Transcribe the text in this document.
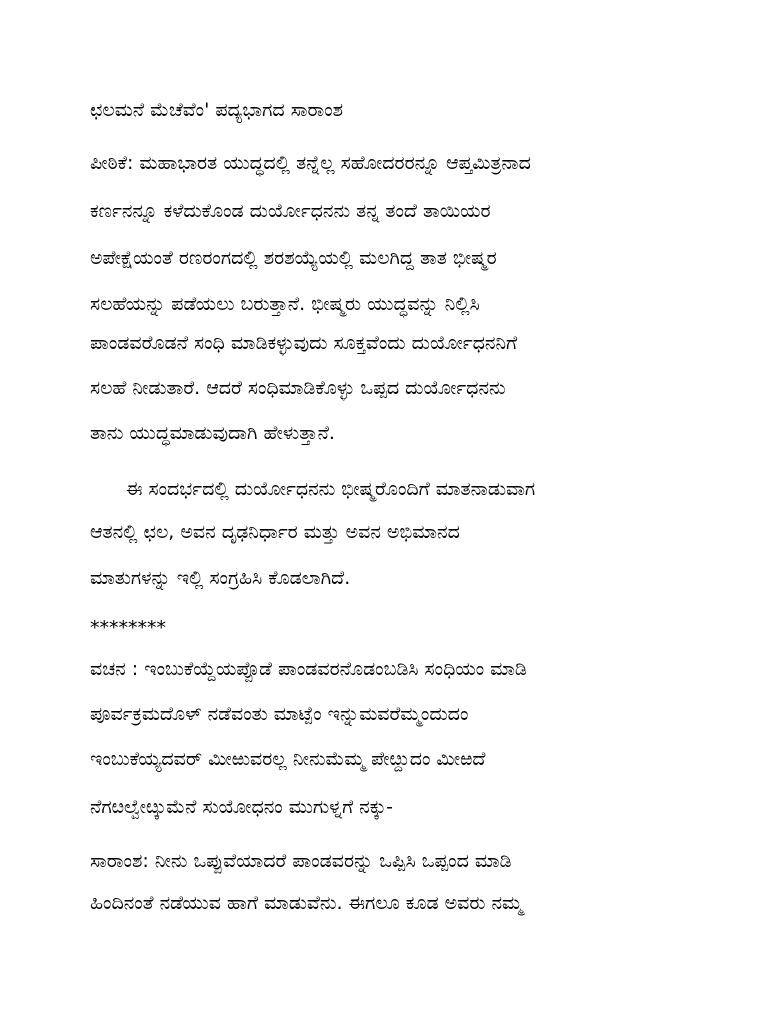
ಛಲಮನೆ ಮೆಚೆವೆಂ' ಪದ್ಯಭಾಗದ ಸಾರಾಂಶ
ಪೀಠಿಕೆ: ಮಹಾಭಾರತ ಯುದ್ಧದಲ್ಲಿ ತನ್ನೆಲ್ಲ ಸಹೋದರರನ್ನೂ ಆಪ್ತಮಿತ್ರನಾದ
ಕರ್ಣನನ್ನೂ ಕಳೆದುಕೊಂಡ ದುರ್ಯೋಧನನು ತನ್ನ ತಂದೆ ತಾಯಿಯರ
ಅಪೇಕ್ಷೆಯಂತೆ ರಣರಂಗದಲ್ಲಿ ಶರಶಯ್ಯೆಯಲ್ಲಿ ಮಲಗಿದ್ದ ತಾತ ಭೀಷ್ಮರ
ಸಲಹೆಯನ್ನು ಪಡೆಯಲು ಬರುತ್ತಾನೆ. ಭೀಷ್ಮರು ಯುದ್ಧವನ್ನು ನಿಲ್ಲಿಸಿ
ಪಾಂಡವರೊಡನೆ ಸಂಧಿ ಮಾಡಿಕಳ್ಳುವುದು ಸೂಕ್ತವೆಂದು ದುರ್ಯೋಧನನಿಗೆ
ಸಲಹೆ ನೀಡುತಾರೆ. ಆದರೆ ಸಂಧಿಮಾಡಿಕೊಳ್ಳು ಒಪ್ಪದ ದುರ್ಯೋಧನನು
ತಾನು ಯುದ್ಧಮಾಡುವುದಾಗಿ ಹೇಳುತ್ತಾನೆ.
ಈ ಸಂದರ್ಭದಲ್ಲಿ ದುರ್ಯೋಧನನು ಭೀಷ್ಮರೊಂದಿಗೆ ಮಾತನಾಡುವಾಗ
ಆತನಲ್ಲಿ ಛಲ, ಅವನ ದೃಢನಿರ್ಧಾರ ಮತ್ತು ಅವನ ಅಭಿಮಾನದ
ಮಾತುಗಳನ್ನು ಇಲ್ಲಿ ಸಂಗ್ರಹಿಸಿ ಕೊಡಲಾಗಿದೆ.
********
ವಚನ : ಇಂಬುಕೆಯ್ದೆಯಪ್ಪೊಡೆ ಪಾಂಡವರನೊಡಂಬಡಿಸಿ ಸಂಧಿಯಂ ಮಾಡಿ
ಪೂರ್ವಕ್ರಮದೊಳ್ ನಡೆವಂತು ಮಾಟ್ಪೆಂ ಇನ್ನುಮವರೆಮ್ಮಂದುದಂ
ಇಂಬುಕೆಯ್ಯದವರ್ ಮೀಱುವರಲ್ಲ ನೀನುಮೆಮ್ಮ ಪೇೞ್ದುದಂ ಮೀಱದೆ
ನೆಗೞಲ್ವೇೞ್ಕುಮೆನೆ ಸುಯೋಧನಂ ಮುಗುಳ್ನಗೆ ನಕ್ಕು-
ಸಾರಾಂಶ: ನೀನು ಒಪ್ಪುವೆಯಾದರೆ ಪಾಂಡವರನ್ನು ಒಪ್ಪಿಸಿ ಒಪ್ಪಂದ ಮಾಡಿ
ಹಿಂದಿನಂತೆ ನಡೆಯುವ ಹಾಗೆ ಮಾಡುವೆನು. ಈಗಲೂ ಕೂಡ ಅವರು ನಮ್ಮ
